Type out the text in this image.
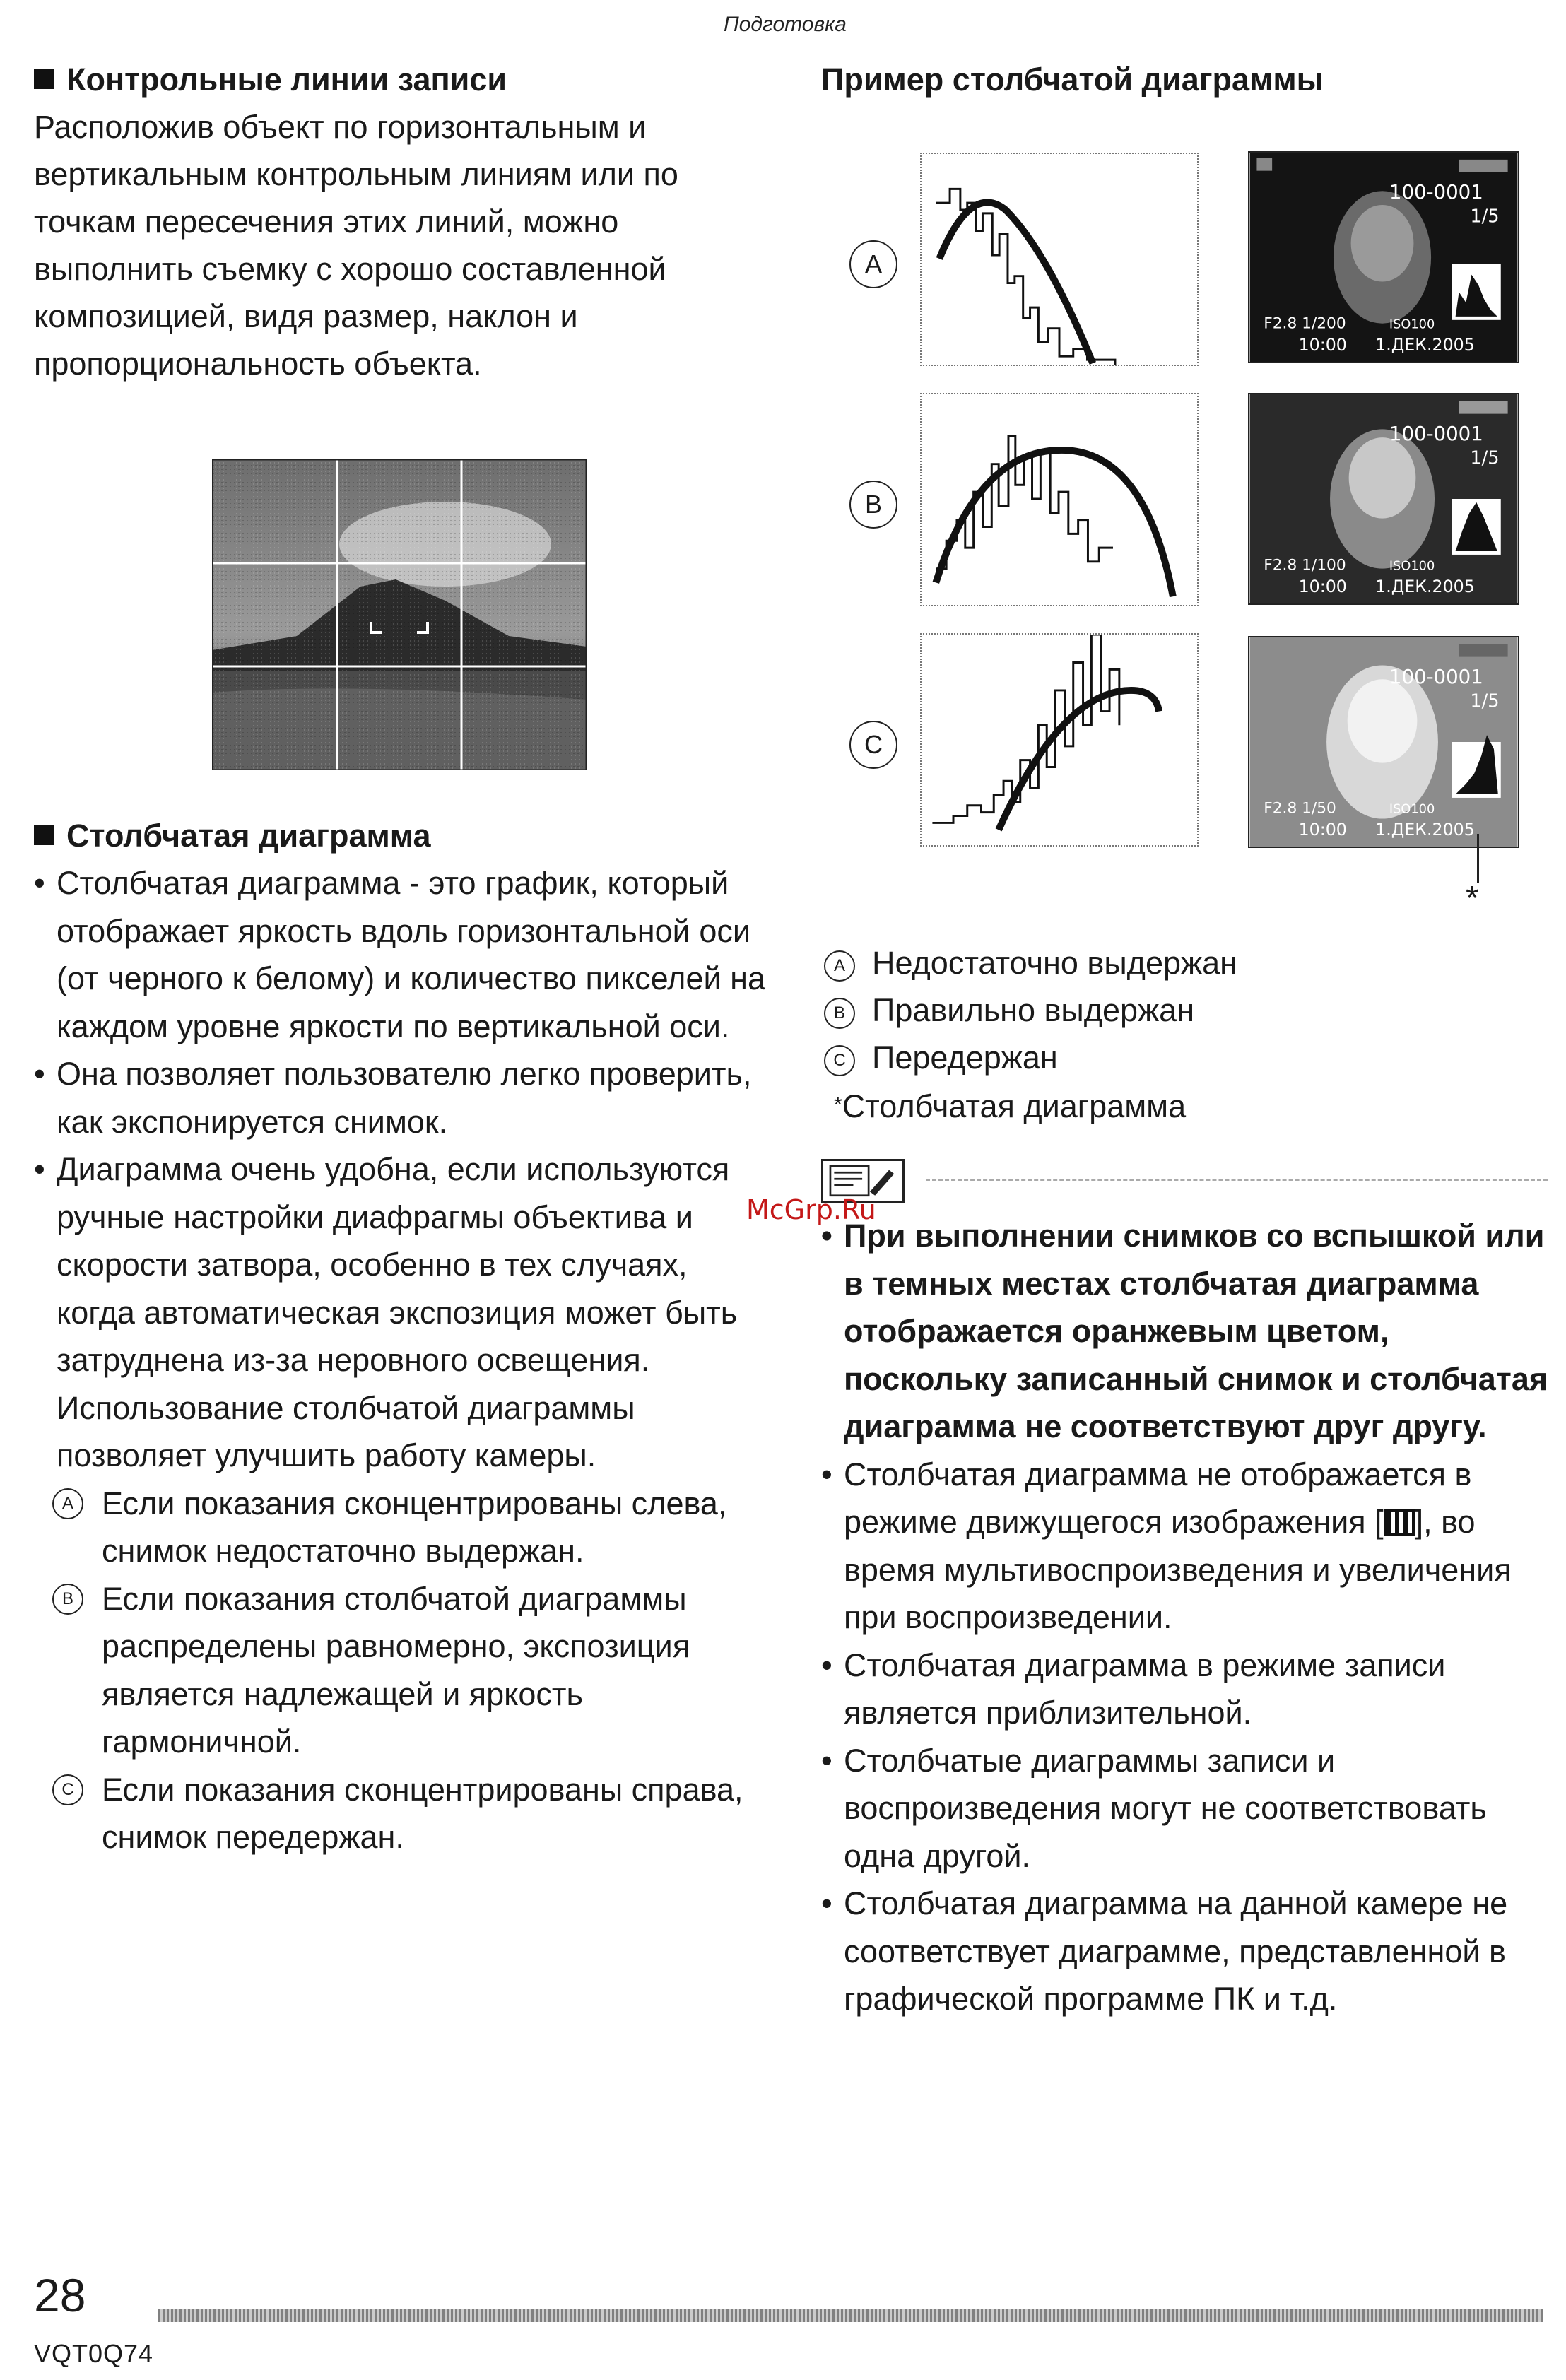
Подготовка
Контрольные линии записи
Расположив объект по горизонтальным и вертикальным контрольным линиям или по точкам пересечения этих линий, можно выполнить съемку с хорошо составленной композицией, видя размер, наклон и пропорциональность объекта.
Столбчатая диаграмма
• Столбчатая диаграмма - это график, который отображает яркость вдоль горизонтальной оси (от черного к белому) и количество пикселей на каждом уровне яркости по вертикальной оси.
• Она позволяет пользователю легко проверить, как экспонируется снимок.
• Диаграмма очень удобна, если используются ручные настройки диафрагмы объектива и скорости затвора, особенно в тех случаях, когда автоматическая экспозиция может быть затруднена из-за неровного освещения. Использование столбчатой диаграммы позволяет улучшить работу камеры.
A Если показания сконцентрированы слева, снимок недостаточно выдержан.
B Если показания столбчатой диаграммы распределены равномерно, экспозиция является надлежащей и яркость гармоничной.
C Если показания сконцентрированы справа, снимок передержан.
Пример столбчатой диаграммы
A
B
C
100-0001
1/5
F2.8 1/200	ISO100
10:00 1.ДЕК.2005
100-0001
1/5
F2.8 1/100	ISO100
10:00 1.ДЕК.2005
100-0001
1/5
F2.8 1/50	ISO100
10:00 1.ДЕК.2005
*
A Недостаточно выдержан
B Правильно выдержан
C Передержан
*Столбчатая диаграмма
McGrp.Ru
• При выполнении снимков со вспышкой или в темных местах столбчатая диаграмма отображается оранжевым цветом, поскольку записанный снимок и столбчатая диаграмма не соответствуют друг другу.
• Столбчатая диаграмма не отображается в режиме движущегося изображения [ ], во время мультивоспроизведения и увеличения при воспроизведении.
• Столбчатая диаграмма в режиме записи является приблизительной.
• Столбчатые диаграммы записи и воспроизведения могут не соответствовать одна другой.
• Столбчатая диаграмма на данной камере не соответствует диаграмме, представленной в графической программе ПК и т.д.
28
VQT0Q74
